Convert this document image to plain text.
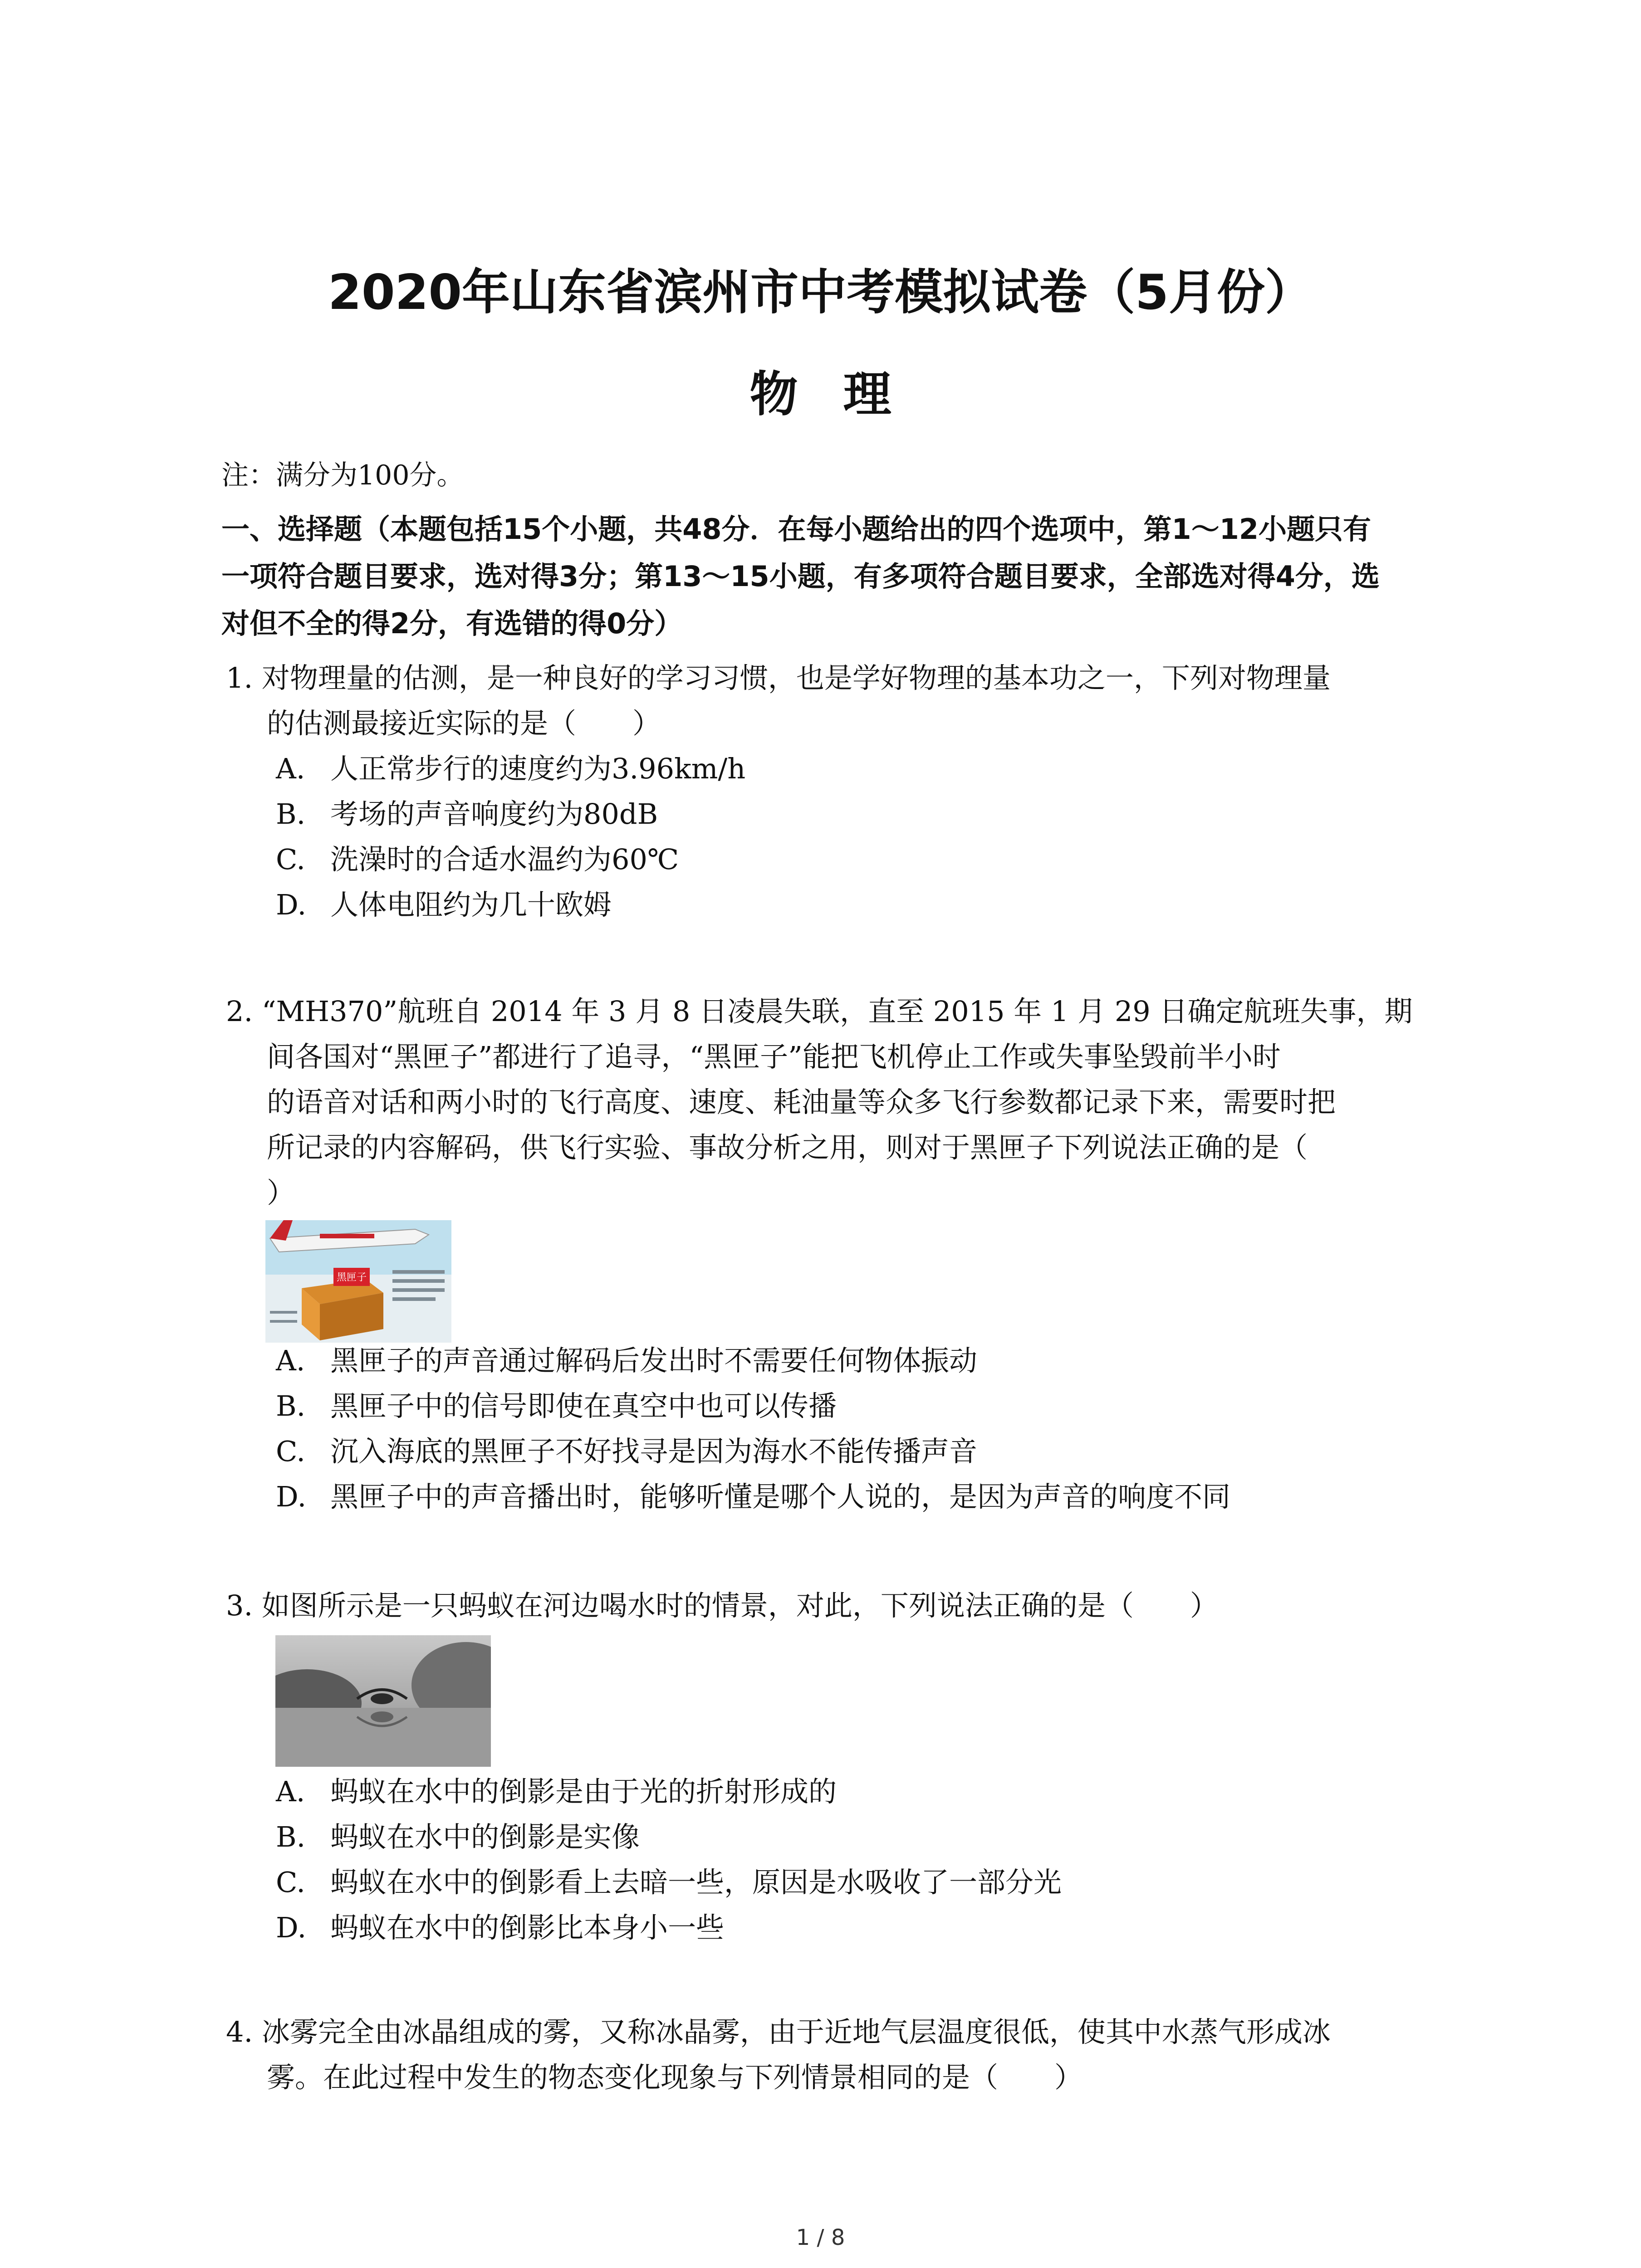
2020年山东省滨州市中考模拟试卷（5月份）
物理
注：满分为100分。
一、选择题（本题包括15个小题，共48分．在每小题给出的四个选项中，第1～12小题只有
一项符合题目要求，选对得3分；第13～15小题，有多项符合题目要求，全部选对得4分，选
对但不全的得2分，有选错的得0分）
1. 对物理量的估测，是一种良好的学习习惯，也是学好物理的基本功之一，下列对物理量
的估测最接近实际的是（　　）
A. 人正常步行的速度约为3.96km/h
B. 考场的声音响度约为80dB
C. 洗澡时的合适水温约为60℃
D. 人体电阻约为几十欧姆
2. “MH370”航班自 2014 年 3 月 8 日凌晨失联，直至 2015 年 1 月 29 日确定航班失事，期
间各国对“黑匣子”都进行了追寻，“黑匣子”能把飞机停止工作或失事坠毁前半小时
的语音对话和两小时的飞行高度、速度、耗油量等众多飞行参数都记录下来，需要时把
所记录的内容解码，供飞行实验、事故分析之用，则对于黑匣子下列说法正确的是（
）
黑匣子
A. 黑匣子的声音通过解码后发出时不需要任何物体振动
B. 黑匣子中的信号即使在真空中也可以传播
C. 沉入海底的黑匣子不好找寻是因为海水不能传播声音
D. 黑匣子中的声音播出时，能够听懂是哪个人说的，是因为声音的响度不同
3. 如图所示是一只蚂蚁在河边喝水时的情景，对此，下列说法正确的是（　　）
A. 蚂蚁在水中的倒影是由于光的折射形成的
B. 蚂蚁在水中的倒影是实像
C. 蚂蚁在水中的倒影看上去暗一些，原因是水吸收了一部分光
D. 蚂蚁在水中的倒影比本身小一些
4. 冰雾完全由冰晶组成的雾，又称冰晶雾，由于近地气层温度很低，使其中水蒸气形成冰
雾。在此过程中发生的物态变化现象与下列情景相同的是（　　）
1 / 8
